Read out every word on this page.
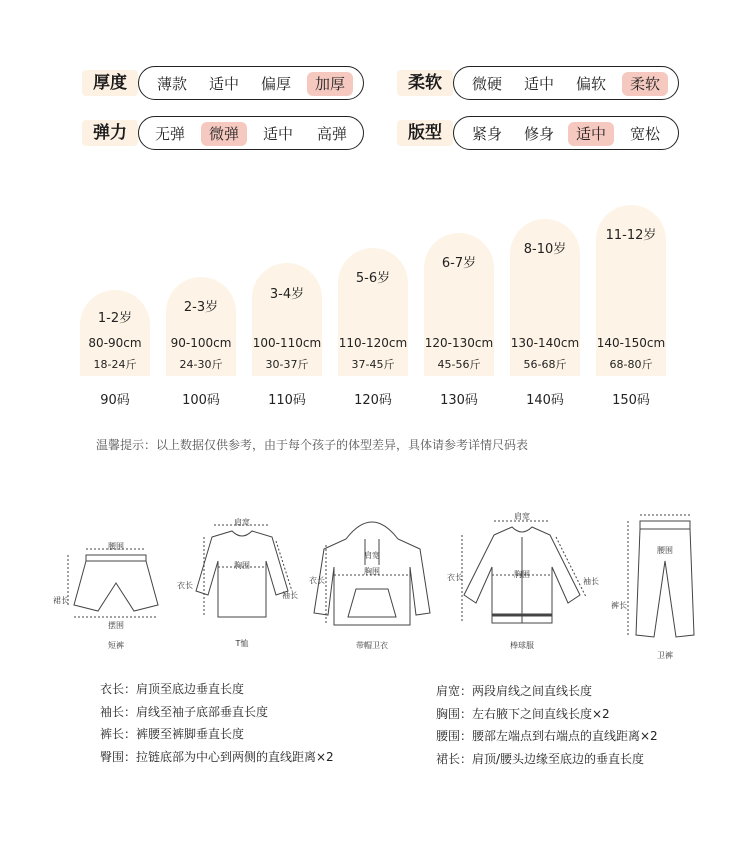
厚度	薄款	适中	偏厚	加厚	柔软	微硬	适中	偏软	柔软
弹力	无弹	微弹	适中	高弹	版型	紧身	修身	适中	宽松
1-2岁
80-90cm
18-24斤
90码
2-3岁
90-100cm
24-30斤
100码
3-4岁
100-110cm
30-37斤
110码
5-6岁
110-120cm
37-45斤
120码
6-7岁
120-130cm
45-56斤
130码
8-10岁
130-140cm
56-68斤
140码
11-12岁
140-150cm
68-80斤
150码
温馨提示：以上数据仅供参考，由于每个孩子的体型差异，具体请参考详情尺码表
腰围
裙长
摆围
短裤
肩宽
胸围
衣长
袖长
T恤
肩宽
胸围
衣长
带帽卫衣
肩宽
胸围
衣长	袖长
棒球服
腰围
裤长
卫裤
衣长：肩顶至底边垂直长度
袖长：肩线至袖子底部垂直长度
裤长：裤腰至裤脚垂直长度
臀围：拉链底部为中心到两侧的直线距离×2
肩宽：两段肩线之间直线长度
胸围：左右腋下之间直线长度×2
腰围：腰部左端点到右端点的直线距离×2
裙长：肩顶/腰头边缘至底边的垂直长度
